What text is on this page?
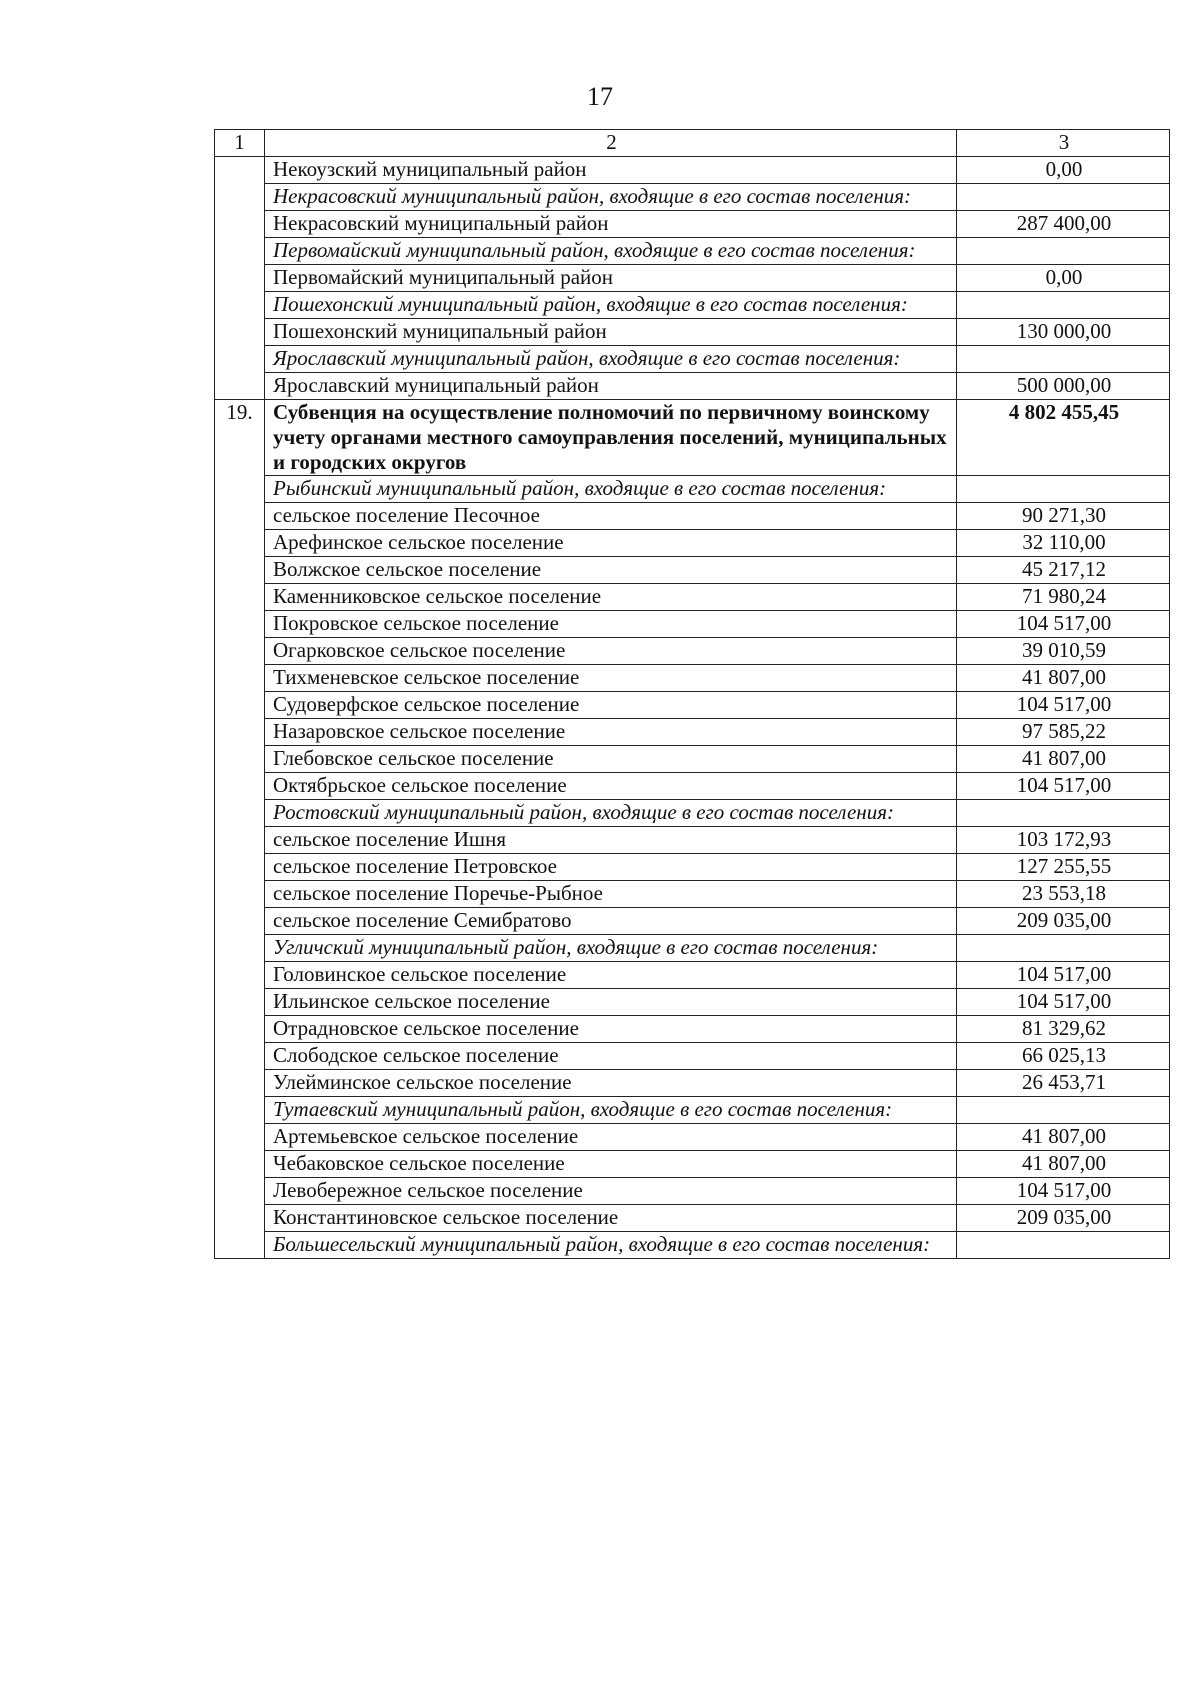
17
1	2	3
	Некоузский муниципальный район	0,00
	Некрасовский муниципальный район, входящие в его состав поселения:	
	Некрасовский муниципальный район	287 400,00
	Первомайский муниципальный район, входящие в его состав поселения:	
	Первомайский муниципальный район	0,00
	Пошехонский муниципальный район, входящие в его состав поселения:	
	Пошехонский муниципальный район	130 000,00
	Ярославский муниципальный район, входящие в его состав поселения:	
	Ярославский муниципальный район	500 000,00
19.	Субвенция на осуществление полномочий по первичному воинскому учету органами местного самоуправления поселений, муниципальных и городских округов	4 802 455,45
	Рыбинский муниципальный район, входящие в его состав поселения:	
	сельское поселение Песочное	90 271,30
	Арефинское сельское поселение	32 110,00
	Волжское сельское поселение	45 217,12
	Каменниковское сельское поселение	71 980,24
	Покровское сельское поселение	104 517,00
	Огарковское сельское поселение	39 010,59
	Тихменевское сельское поселение	41 807,00
	Судоверфское сельское поселение	104 517,00
	Назаровское сельское поселение	97 585,22
	Глебовское сельское поселение	41 807,00
	Октябрьское сельское поселение	104 517,00
	Ростовский муниципальный район, входящие в его состав поселения:	
	сельское поселение Ишня	103 172,93
	сельское поселение Петровское	127 255,55
	сельское поселение Поречье-Рыбное	23 553,18
	сельское поселение Семибратово	209 035,00
	Угличский муниципальный район, входящие в его состав поселения:	
	Головинское сельское поселение	104 517,00
	Ильинское сельское поселение	104 517,00
	Отрадновское сельское поселение	81 329,62
	Слободское сельское поселение	66 025,13
	Улейминское сельское поселение	26 453,71
	Тутаевский муниципальный район, входящие в его состав поселения:	
	Артемьевское сельское поселение	41 807,00
	Чебаковское сельское поселение	41 807,00
	Левобережное сельское поселение	104 517,00
	Константиновское сельское поселение	209 035,00
	Большесельский муниципальный район, входящие в его состав поселения:	
